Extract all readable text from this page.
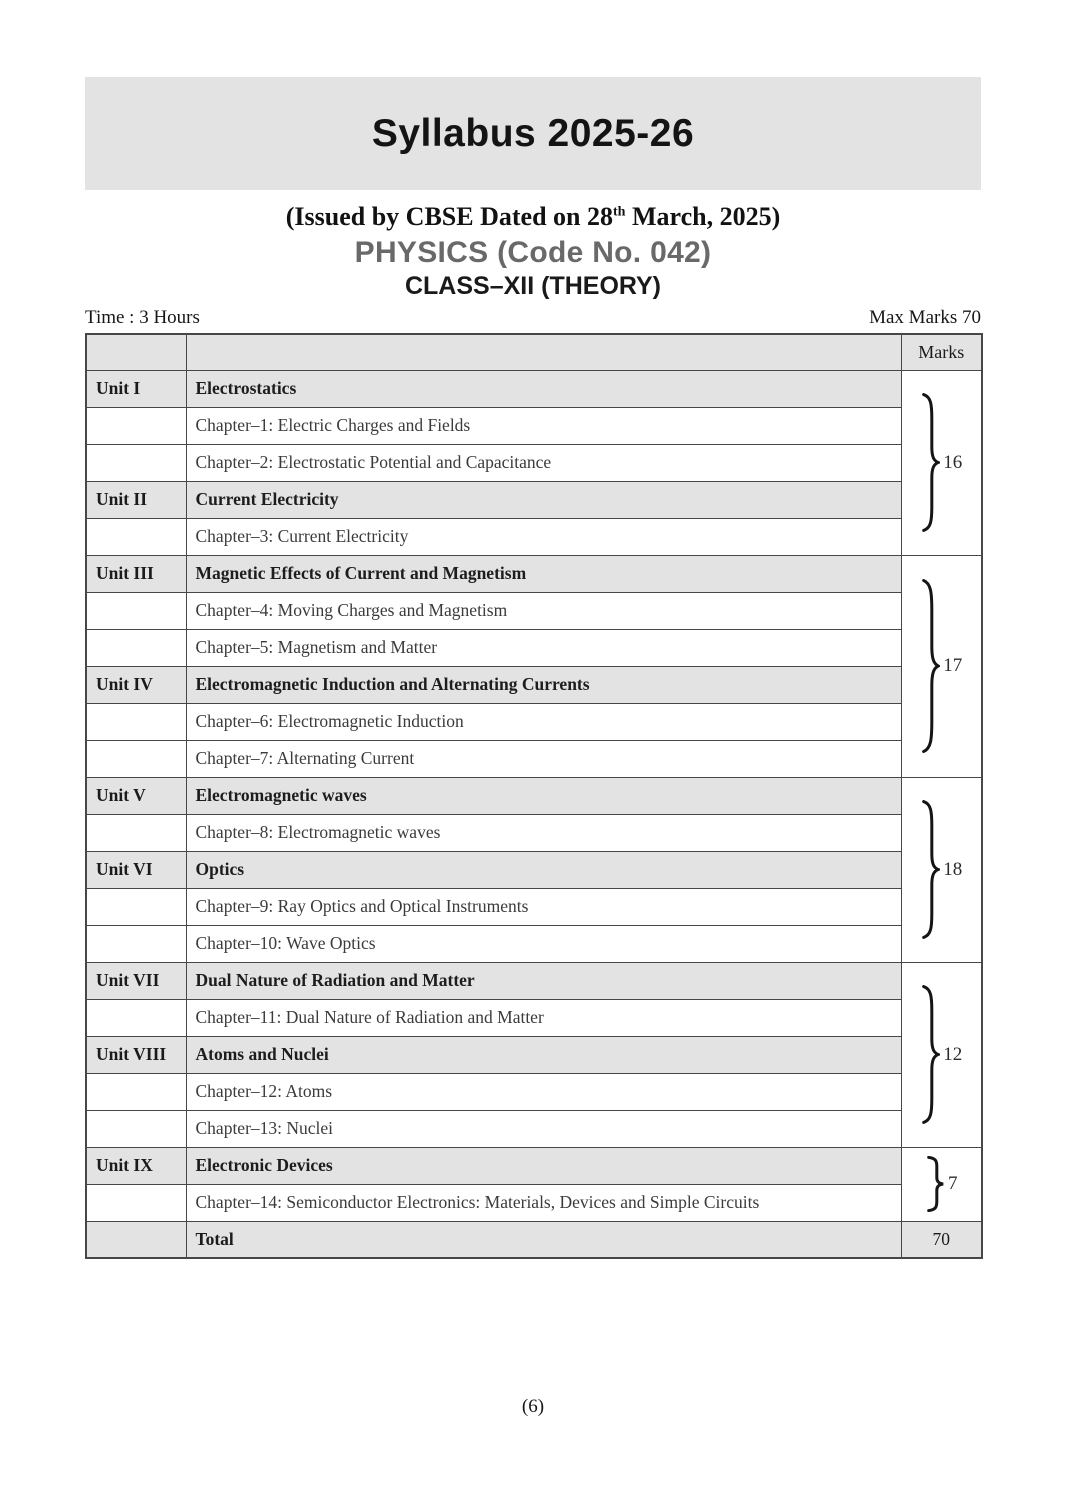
Syllabus 2025-26
(Issued by CBSE Dated on 28th March, 2025)
PHYSICS (Code No. 042)
CLASS–XII (THEORY)
Time : 3 Hours	Max Marks 70
		Marks
Unit I	Electrostatics	16

	Chapter–1: Electric Charges and Fields	
	Chapter–2: Electrostatic Potential and Capacitance	
Unit II	Current Electricity	
	Chapter–3: Current Electricity	
Unit III	Magnetic Effects of Current and Magnetism	17

	Chapter–4: Moving Charges and Magnetism	
	Chapter–5: Magnetism and Matter	
Unit IV	Electromagnetic Induction and Alternating Currents	
	Chapter–6: Electromagnetic Induction	
	Chapter–7: Alternating Current	
Unit V	Electromagnetic waves	18

	Chapter–8: Electromagnetic waves	
Unit VI	Optics	
	Chapter–9: Ray Optics and Optical Instruments	
	Chapter–10: Wave Optics	
Unit VII	Dual Nature of Radiation and Matter	12

	Chapter–11: Dual Nature of Radiation and Matter	
Unit VIII	Atoms and Nuclei	
	Chapter–12: Atoms	
	Chapter–13: Nuclei	
Unit IX	Electronic Devices	7

	Chapter–14: Semiconductor Electronics: Materials, Devices and Simple Circuits	
	Total	70
(6)
